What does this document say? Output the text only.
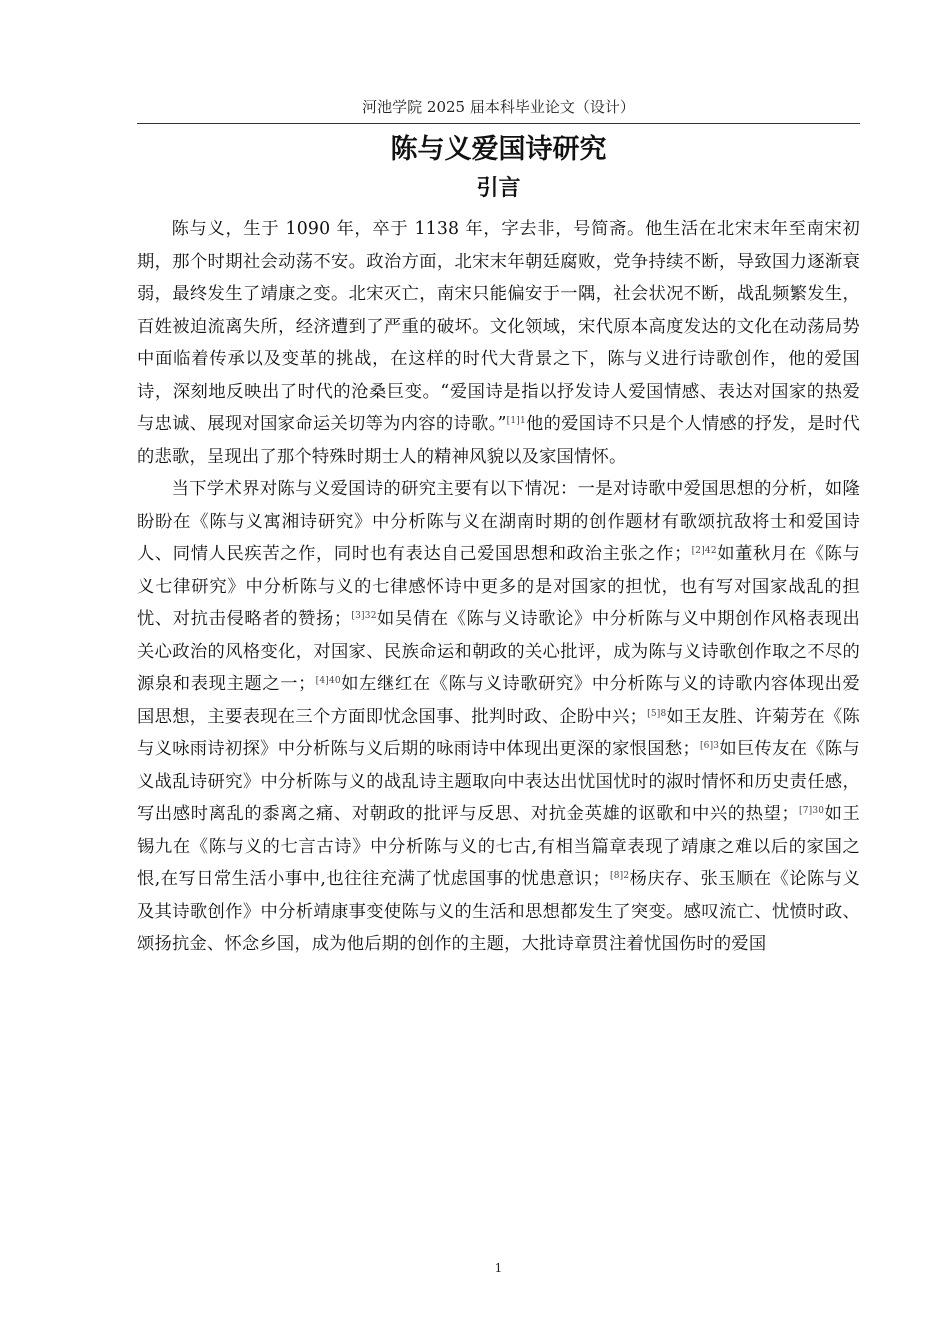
河池学院 2025 届本科毕业论文（设计）
陈与义爱国诗研究
引言

陈与义，生于 1090 年，卒于 1138 年，字去非，号简斋。他生活在北宋末年至南宋初期，那个时期社会动荡不安。政治方面，北宋末年朝廷腐败，党争持续不断，导致国力逐渐衰弱，最终发生了靖康之变。北宋灭亡，南宋只能偏安于一隅，社会状况不断，战乱频繁发生，百姓被迫流离失所，经济遭到了严重的破坏。文化领域，宋代原本高度发达的文化在动荡局势中面临着传承以及变革的挑战，在这样的时代大背景之下，陈与义进行诗歌创作，他的爱国诗，深刻地反映出了时代的沧桑巨变。“爱国诗是指以抒发诗人爱国情感、表达对国家的热爱与忠诚、展现对国家命运关切等为内容的诗歌。”$^{[1]1}$他的爱国诗不只是个人情感的抒发，是时代的悲歌，呈现出了那个特殊时期士人的精神风貌以及家国情怀。

当下学术界对陈与义爱国诗的研究主要有以下情况：一是对诗歌中爱国思想的分析，如隆盼盼在《陈与义寓湘诗研究》中分析陈与义在湖南时期的创作题材有歌颂抗敌将士和爱国诗人、同情人民疾苦之作，同时也有表达自己爱国思想和政治主张之作；$^{[2]42}$如董秋月在《陈与义七律研究》中分析陈与义的七律感怀诗中更多的是对国家的担忧，也有写对国家战乱的担忧、对抗击侵略者的赞扬；$^{[3]32}$如吴倩在《陈与义诗歌论》中分析陈与义中期创作风格表现出关心政治的风格变化，对国家、民族命运和朝政的关心批评，成为陈与义诗歌创作取之不尽的源泉和表现主题之一；$^{[4]40}$如左继红在《陈与义诗歌研究》中分析陈与义的诗歌内容体现出爱国思想，主要表现在三个方面即忧念国事、批判时政、企盼中兴；$^{[5]8}$如王友胜、许菊芳在《陈与义咏雨诗初探》中分析陈与义后期的咏雨诗中体现出更深的家恨国愁；$^{[6]3}$如巨传友在《陈与义战乱诗研究》中分析陈与义的战乱诗主题取向中表达出忧国忧时的淑时情怀和历史责任感，写出感时离乱的黍离之痛、对朝政的批评与反思、对抗金英雄的讴歌和中兴的热望；$^{[7]30}$如王锡九在《陈与义的七言古诗》中分析陈与义的七古,有相当篇章表现了靖康之难以后的家国之恨,在写日常生活小事中,也往往充满了忧虑国事的忧患意识；$^{[8]2}$杨庆存、张玉顺在《论陈与义及其诗歌创作》中分析靖康事变使陈与义的生活和思想都发生了突变。感叹流亡、忧愤时政、颂扬抗金、怀念乡国，成为他后期的创作的主题，大批诗章贯注着忧国伤时的爱国

1
